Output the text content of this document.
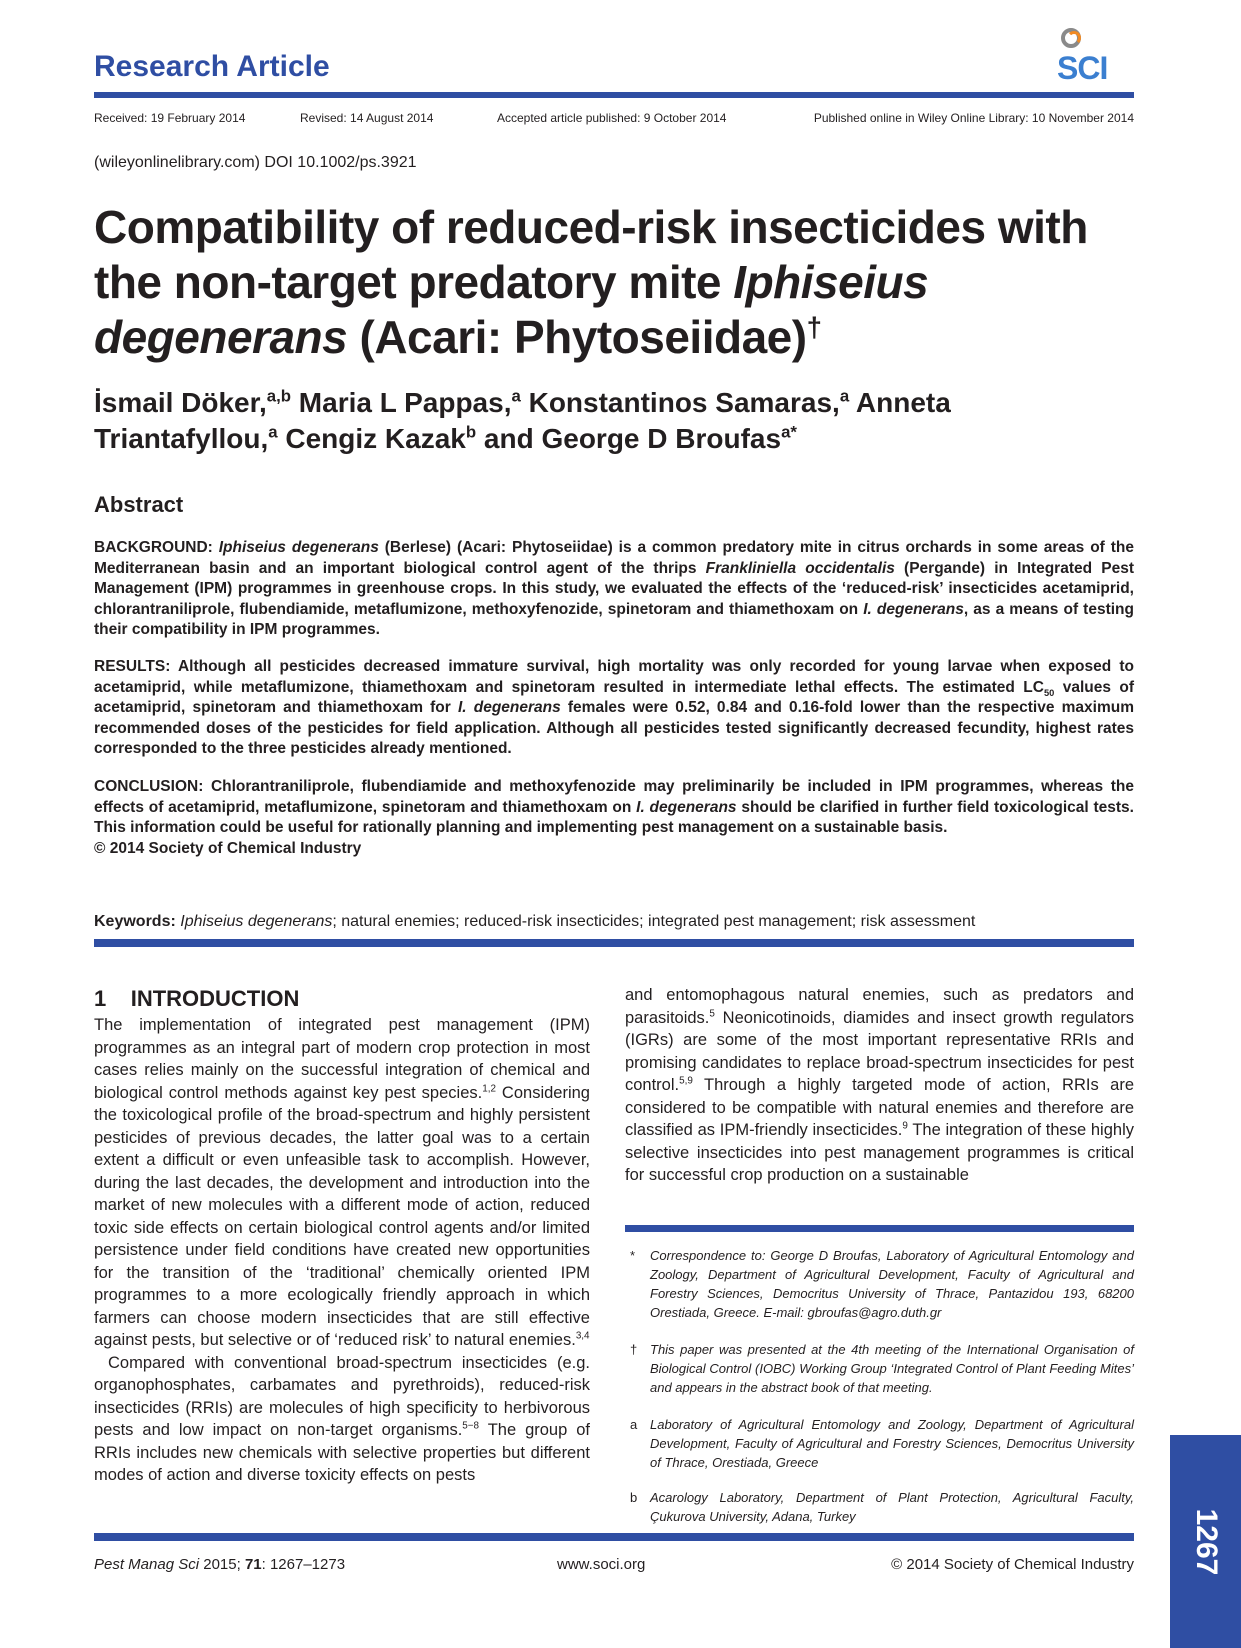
Research Article	SCI
Received: 19 February 2014	Revised: 14 August 2014	Accepted article published: 9 October 2014	Published online in Wiley Online Library: 10 November 2014
(wileyonlinelibrary.com) DOI 10.1002/ps.3921
Compatibility of reduced-risk insecticides with the non-target predatory mite Iphiseius degenerans (Acari: Phytoseiidae)†
İsmail Döker,$^{a,b}$ Maria L Pappas,$^a$ Konstantinos Samaras,$^a$ Anneta Triantafyllou,$^a$ Cengiz Kazak$^b$ and George D Broufas$^{a*}$
Abstract
BACKGROUND: Iphiseius degenerans (Berlese) (Acari: Phytoseiidae) is a common predatory mite in citrus orchards in some areas of the Mediterranean basin and an important biological control agent of the thrips Frankliniella occidentalis (Pergande) in Integrated Pest Management (IPM) programmes in greenhouse crops. In this study, we evaluated the effects of the ‘reduced-risk’ insecticides acetamiprid, chlorantraniliprole, flubendiamide, metaflumizone, methoxyfenozide, spinetoram and thiamethoxam on I. degenerans, as a means of testing their compatibility in IPM programmes.
RESULTS: Although all pesticides decreased immature survival, high mortality was only recorded for young larvae when exposed to acetamiprid, while metaflumizone, thiamethoxam and spinetoram resulted in intermediate lethal effects. The estimated $LC_{50}$ values of acetamiprid, spinetoram and thiamethoxam for I. degenerans females were 0.52, 0.84 and 0.16-fold lower than the respective maximum recommended doses of the pesticides for field application. Although all pesticides tested significantly decreased fecundity, highest rates corresponded to the three pesticides already mentioned.
CONCLUSION: Chlorantraniliprole, flubendiamide and methoxyfenozide may preliminarily be included in IPM programmes, whereas the effects of acetamiprid, metaflumizone, spinetoram and thiamethoxam on I. degenerans should be clarified in further field toxicological tests. This information could be useful for rationally planning and implementing pest management on a sustainable basis.
© 2014 Society of Chemical Industry
Keywords: Iphiseius degenerans; natural enemies; reduced-risk insecticides; integrated pest management; risk assessment
1 INTRODUCTION
The implementation of integrated pest management (IPM) programmes as an integral part of modern crop protection in most cases relies mainly on the successful integration of chemical and biological control methods against key pest species.$^{1,2}$ Considering the toxicological profile of the broad-spectrum and highly persistent pesticides of previous decades, the latter goal was to a certain extent a difficult or even unfeasible task to accomplish. However, during the last decades, the development and introduction into the market of new molecules with a different mode of action, reduced toxic side effects on certain biological control agents and/or limited persistence under field conditions have created new opportunities for the transition of the ‘traditional’ chemically oriented IPM programmes to a more ecologically friendly approach in which farmers can choose modern insecticides that are still effective against pests, but selective or of ‘reduced risk’ to natural enemies.$^{3,4}$
Compared with conventional broad-spectrum insecticides (e.g. organophosphates, carbamates and pyrethroids), reduced-risk insecticides (RRIs) are molecules of high specificity to herbivorous pests and low impact on non-target organisms.$^{5-8}$ The group of RRIs includes new chemicals with selective properties but different modes of action and diverse toxicity effects on pests
and entomophagous natural enemies, such as predators and parasitoids.$^5$ Neonicotinoids, diamides and insect growth regulators (IGRs) are some of the most important representative RRIs and promising candidates to replace broad-spectrum insecticides for pest control.$^{5,9}$ Through a highly targeted mode of action, RRIs are considered to be compatible with natural enemies and therefore are classified as IPM-friendly insecticides.$^9$ The integration of these highly selective insecticides into pest management programmes is critical for successful crop production on a sustainable
* Correspondence to: George D Broufas, Laboratory of Agricultural Entomology and Zoology, Department of Agricultural Development, Faculty of Agricultural and Forestry Sciences, Democritus University of Thrace, Pantazidou 193, 68200 Orestiada, Greece. E-mail: gbroufas@agro.duth.gr
† This paper was presented at the 4th meeting of the International Organisation of Biological Control (IOBC) Working Group ‘Integrated Control of Plant Feeding Mites’ and appears in the abstract book of that meeting.
a Laboratory of Agricultural Entomology and Zoology, Department of Agricultural Development, Faculty of Agricultural and Forestry Sciences, Democritus University of Thrace, Orestiada, Greece
b Acarology Laboratory, Department of Plant Protection, Agricultural Faculty, Çukurova University, Adana, Turkey
Pest Manag Sci 2015; 71: 1267–1273	www.soci.org	© 2014 Society of Chemical Industry 1267
